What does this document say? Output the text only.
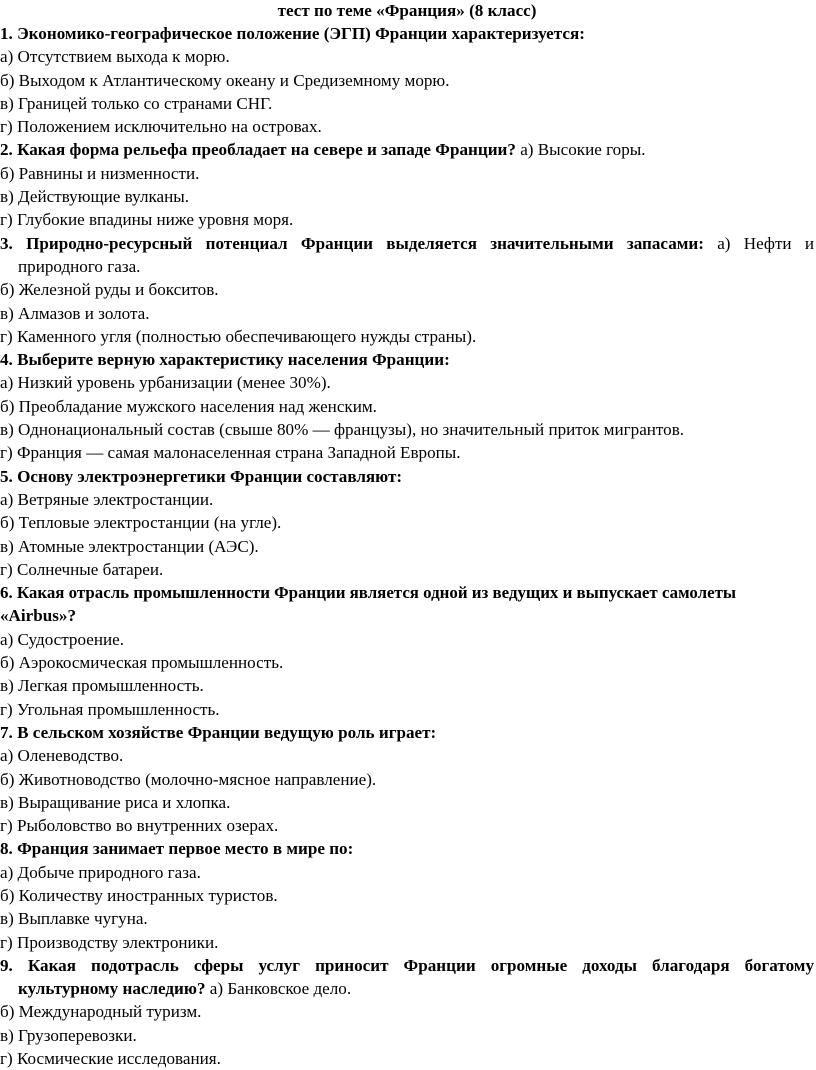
тест по теме «Франция» (8 класс)

1. Экономико-географическое положение (ЭГП) Франции характеризуется:

а) Отсутствием выхода к морю.

б) Выходом к Атлантическому океану и Средиземному морю.

в) Границей только со странами СНГ.

г) Положением исключительно на островах.

2. Какая форма рельефа преобладает на севере и западе Франции? а) Высокие горы.

б) Равнины и низменности.

в) Действующие вулканы.

г) Глубокие впадины ниже уровня моря.

3. Природно-ресурсный потенциал Франции выделяется значительными запасами: а) Нефти и

природного газа.

б) Железной руды и бокситов.

в) Алмазов и золота.

г) Каменного угля (полностью обеспечивающего нужды страны).

4. Выберите верную характеристику населения Франции:

а) Низкий уровень урбанизации (менее 30%).

б) Преобладание мужского населения над женским.

в) Однонациональный состав (свыше 80% — французы), но значительный приток мигрантов.

г) Франция — самая малонаселенная страна Западной Европы.

5. Основу электроэнергетики Франции составляют:

а) Ветряные электростанции.

б) Тепловые электростанции (на угле).

в) Атомные электростанции (АЭС).

г) Солнечные батареи.

6. Какая отрасль промышленности Франции является одной из ведущих и выпускает самолеты

«Airbus»?

а) Судостроение.

б) Аэрокосмическая промышленность.

в) Легкая промышленность.

г) Угольная промышленность.

7. В сельском хозяйстве Франции ведущую роль играет:

а) Оленеводство.

б) Животноводство (молочно-мясное направление).

в) Выращивание риса и хлопка.

г) Рыболовство во внутренних озерах.

8. Франция занимает первое место в мире по:

а) Добыче природного газа.

б) Количеству иностранных туристов.

в) Выплавке чугуна.

г) Производству электроники.

9. Какая подотрасль сферы услуг приносит Франции огромные доходы благодаря богатому

культурному наследию? а) Банковское дело.

б) Международный туризм.

в) Грузоперевозки.

г) Космические исследования.
